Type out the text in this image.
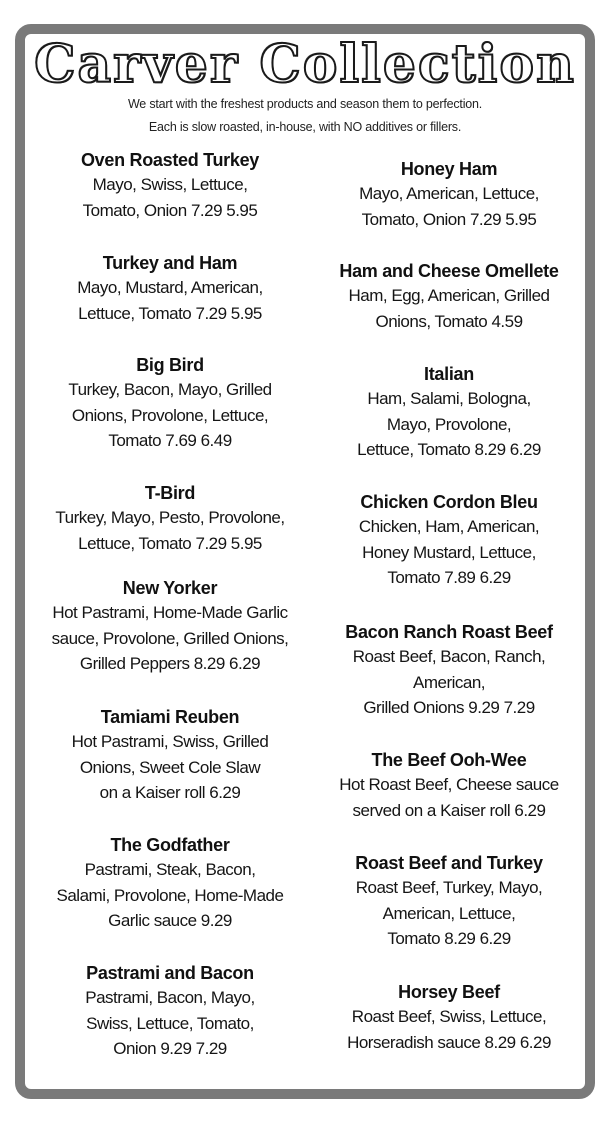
Carver Collection
We start with the freshest products and season them to perfection.
Each is slow roasted, in-house, with NO additives or fillers.
Oven Roasted Turkey
Mayo, Swiss, Lettuce,
Tomato, Onion 7.29 5.95
Turkey and Ham
Mayo, Mustard, American,
Lettuce, Tomato 7.29 5.95
Big Bird
Turkey, Bacon, Mayo, Grilled
Onions, Provolone, Lettuce,
Tomato 7.69 6.49
T-Bird
Turkey, Mayo, Pesto, Provolone,
Lettuce, Tomato 7.29 5.95
New Yorker
Hot Pastrami, Home-Made Garlic
sauce, Provolone, Grilled Onions,
Grilled Peppers 8.29 6.29
Tamiami Reuben
Hot Pastrami, Swiss, Grilled
Onions, Sweet Cole Slaw
on a Kaiser roll 6.29
The Godfather
Pastrami, Steak, Bacon,
Salami, Provolone, Home-Made
Garlic sauce 9.29
Pastrami and Bacon
Pastrami, Bacon, Mayo,
Swiss, Lettuce, Tomato,
Onion 9.29 7.29
Honey Ham
Mayo, American, Lettuce,
Tomato, Onion 7.29 5.95
Ham and Cheese Omellete
Ham, Egg, American, Grilled
Onions, Tomato 4.59
Italian
Ham, Salami, Bologna,
Mayo, Provolone,
Lettuce, Tomato 8.29 6.29
Chicken Cordon Bleu
Chicken, Ham, American,
Honey Mustard, Lettuce,
Tomato 7.89 6.29
Bacon Ranch Roast Beef
Roast Beef, Bacon, Ranch,
American,
Grilled Onions 9.29 7.29
The Beef Ooh-Wee
Hot Roast Beef, Cheese sauce
served on a Kaiser roll 6.29
Roast Beef and Turkey
Roast Beef, Turkey, Mayo,
American, Lettuce,
Tomato 8.29 6.29
Horsey Beef
Roast Beef, Swiss, Lettuce,
Horseradish sauce 8.29 6.29
